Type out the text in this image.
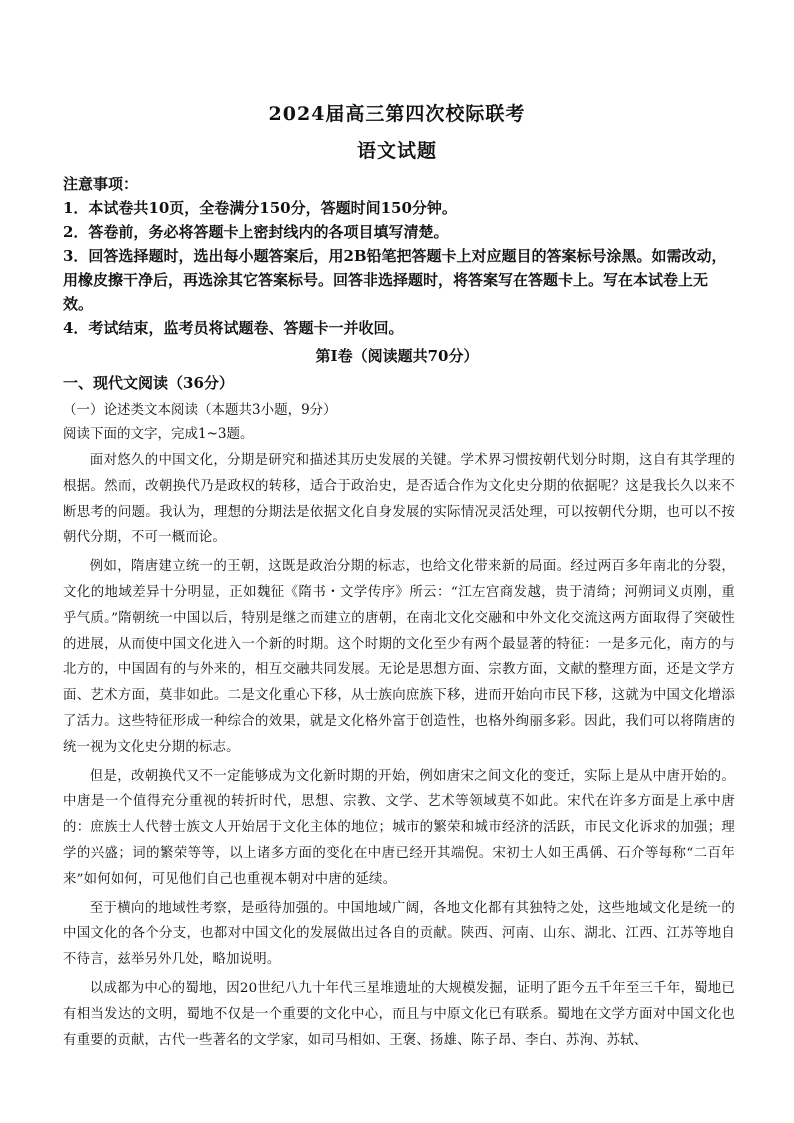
2024届高三第四次校际联考
语文试题

注意事项：

1．本试卷共10页，全卷满分150分，答题时间150分钟。

2．答卷前，务必将答题卡上密封线内的各项目填写清楚。

3．回答选择题时，选出每小题答案后，用2B铅笔把答题卡上对应题目的答案标号涂黑。如需改动，用橡皮擦干净后，再选涂其它答案标号。回答非选择题时，将答案写在答题卡上。写在本试卷上无效。

4．考试结束，监考员将试题卷、答题卡一并收回。

第Ⅰ卷（阅读题共70分）

一、现代文阅读（36分）

（一）论述类文本阅读（本题共3小题，9分）

阅读下面的文字，完成1~3题。

面对悠久的中国文化，分期是研究和描述其历史发展的关键。学术界习惯按朝代划分时期，这自有其学理的根据。然而，改朝换代乃是政权的转移，适合于政治史，是否适合作为文化史分期的依据呢？这是我长久以来不断思考的问题。我认为，理想的分期法是依据文化自身发展的实际情况灵活处理，可以按朝代分期，也可以不按朝代分期，不可一概而论。

例如，隋唐建立统一的王朝，这既是政治分期的标志，也给文化带来新的局面。经过两百多年南北的分裂，文化的地域差异十分明显，正如魏征《隋书・文学传序》所云：“江左宫商发越，贵于清绮；河朔词义贞刚，重乎气质。”隋朝统一中国以后，特别是继之而建立的唐朝，在南北文化交融和中外文化交流这两方面取得了突破性的进展，从而使中国文化进入一个新的时期。这个时期的文化至少有两个最显著的特征：一是多元化，南方的与北方的，中国固有的与外来的，相互交融共同发展。无论是思想方面、宗教方面，文献的整理方面，还是文学方面、艺术方面，莫非如此。二是文化重心下移，从士族向庶族下移，进而开始向市民下移，这就为中国文化增添了活力。这些特征形成一种综合的效果，就是文化格外富于创造性，也格外绚丽多彩。因此，我们可以将隋唐的统一视为文化史分期的标志。

但是，改朝换代又不一定能够成为文化新时期的开始，例如唐宋之间文化的变迁，实际上是从中唐开始的。中唐是一个值得充分重视的转折时代，思想、宗教、文学、艺术等领域莫不如此。宋代在许多方面是上承中唐的：庶族士人代替士族文人开始居于文化主体的地位；城市的繁荣和城市经济的活跃，市民文化诉求的加强；理学的兴盛；词的繁荣等等，以上诸多方面的变化在中唐已经开其端倪。宋初士人如王禹偁、石介等每称“二百年来”如何如何，可见他们自己也重视本朝对中唐的延续。

至于横向的地域性考察，是亟待加强的。中国地域广阔，各地文化都有其独特之处，这些地域文化是统一的中国文化的各个分支，也都对中国文化的发展做出过各自的贡献。陕西、河南、山东、湖北、江西、江苏等地自不待言，兹举另外几处，略加说明。

以成都为中心的蜀地，因20世纪八九十年代三星堆遗址的大规模发掘，证明了距今五千年至三千年，蜀地已有相当发达的文明，蜀地不仅是一个重要的文化中心，而且与中原文化已有联系。蜀地在文学方面对中国文化也有重要的贡献，古代一些著名的文学家，如司马相如、王褒、扬雄、陈子昂、李白、苏洵、苏轼、
